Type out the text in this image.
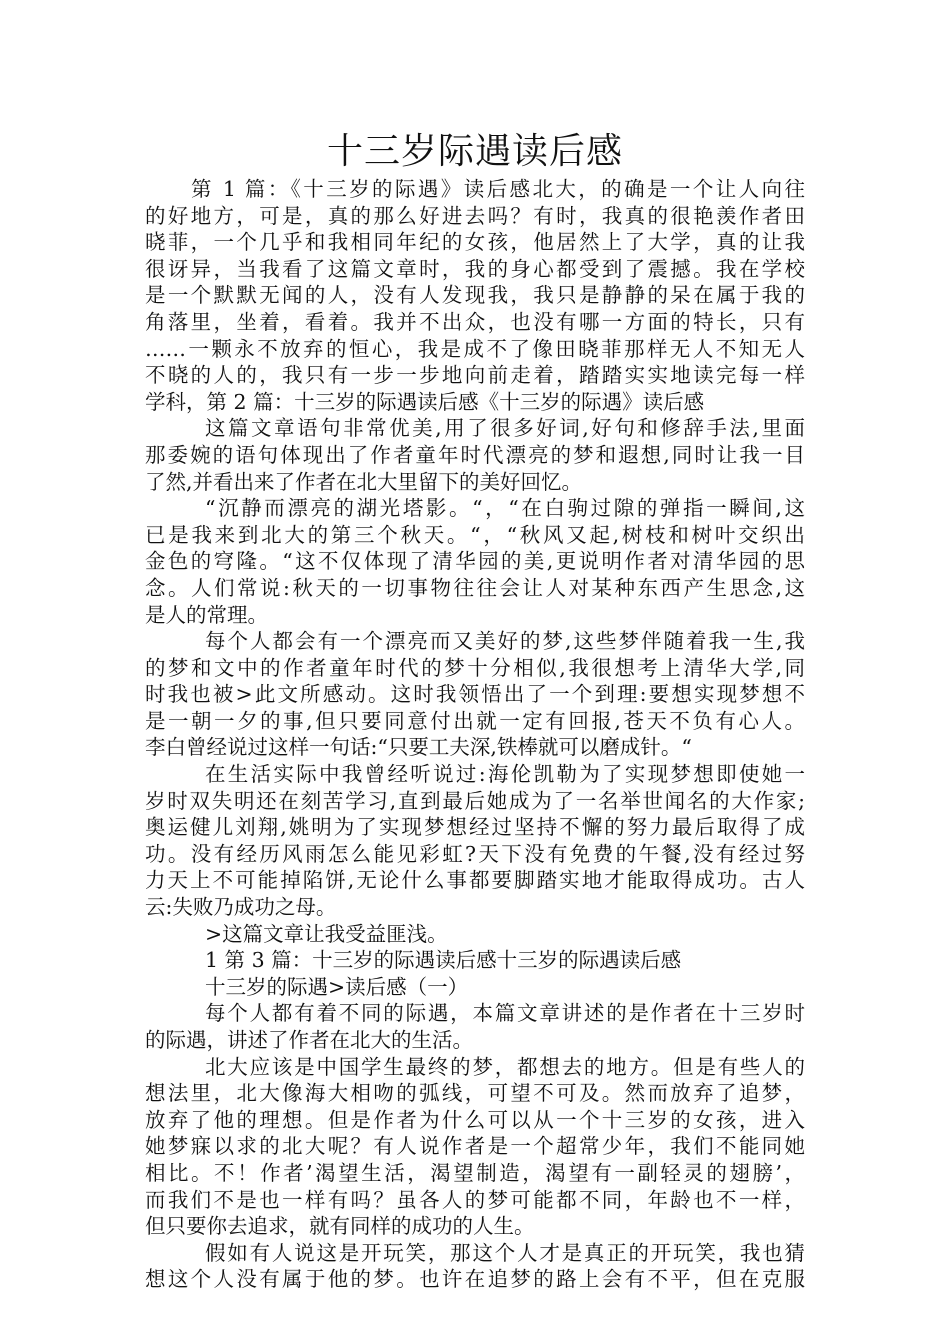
十三岁际遇读后感
第 1 篇：《十三岁的际遇》读后感北大，的确是一个让人向往
的好地方，可是，真的那么好进去吗？有时，我真的很艳羡作者田
晓菲，一个几乎和我相同年纪的女孩，他居然上了大学，真的让我
很讶异，当我看了这篇文章时，我的身心都受到了震撼。我在学校
是一个默默无闻的人，没有人发现我，我只是静静的呆在属于我的
角落里，坐着，看着。我并不出众，也没有哪一方面的特长，只有
……一颗永不放弃的恒心，我是成不了像田晓菲那样无人不知无人
不晓的人的，我只有一步一步地向前走着，踏踏实实地读完每一样
学科，第 2 篇：十三岁的际遇读后感《十三岁的际遇》读后感
这篇文章语句非常优美,用了很多好词,好句和修辞手法,里面
那委婉的语句体现出了作者童年时代漂亮的梦和遐想,同时让我一目
了然,并看出来了作者在北大里留下的美好回忆。
“沉静而漂亮的湖光塔影。“，“在白驹过隙的弹指一瞬间,这
已是我来到北大的第三个秋天。“，“秋风又起,树枝和树叶交织出
金色的穹隆。“这不仅体现了清华园的美,更说明作者对清华园的思
念。人们常说:秋天的一切事物往往会让人对某种东西产生思念,这
是人的常理。
每个人都会有一个漂亮而又美好的梦,这些梦伴随着我一生,我
的梦和文中的作者童年时代的梦十分相似,我很想考上清华大学,同
时我也被>此文所感动。这时我领悟出了一个到理:要想实现梦想不
是一朝一夕的事,但只要同意付出就一定有回报,苍天不负有心人。
李白曾经说过这样一句话:“只要工夫深,铁棒就可以磨成针。“
在生活实际中我曾经听说过:海伦凯勒为了实现梦想即使她一
岁时双失明还在刻苦学习,直到最后她成为了一名举世闻名的大作家;
奥运健儿刘翔,姚明为了实现梦想经过坚持不懈的努力最后取得了成
功。没有经历风雨怎么能见彩虹?天下没有免费的午餐,没有经过努
力天上不可能掉陷饼,无论什么事都要脚踏实地才能取得成功。古人
云:失败乃成功之母。
>这篇文章让我受益匪浅。
1 第 3 篇：十三岁的际遇读后感十三岁的际遇读后感
十三岁的际遇>读后感（一）
每个人都有着不同的际遇，本篇文章讲述的是作者在十三岁时
的际遇，讲述了作者在北大的生活。
北大应该是中国学生最终的梦，都想去的地方。但是有些人的
想法里，北大像海大相吻的弧线，可望不可及。然而放弃了追梦，
放弃了他的理想。但是作者为什么可以从一个十三岁的女孩，进入
她梦寐以求的北大呢？有人说作者是一个超常少年，我们不能同她
相比。不！作者’渴望生活，渴望制造，渴望有一副轻灵的翅膀’，
而我们不是也一样有吗？虽各人的梦可能都不同，年龄也不一样，
但只要你去追求，就有同样的成功的人生。
假如有人说这是开玩笑，那这个人才是真正的开玩笑，我也猜
想这个人没有属于他的梦。也许在追梦的路上会有不平，但在克服
